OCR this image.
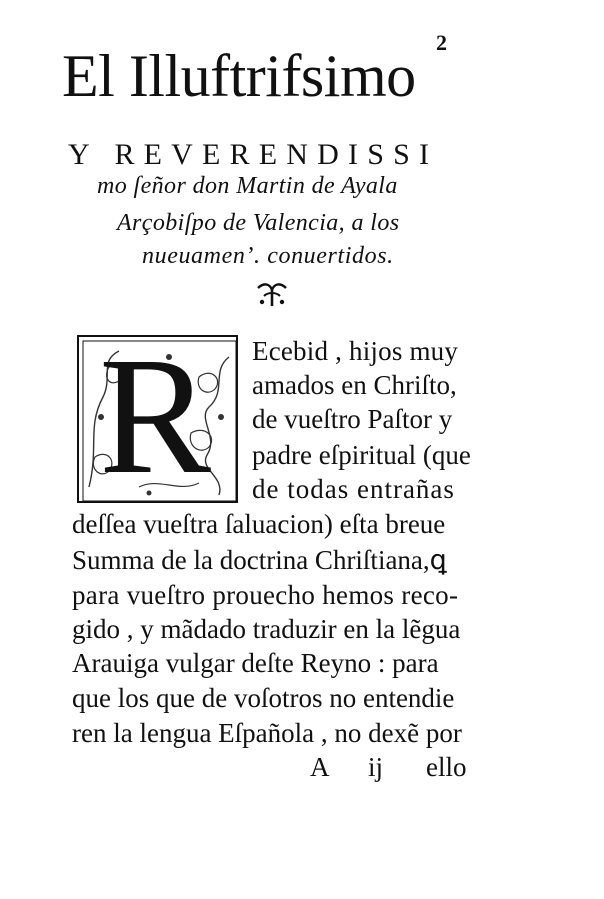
2
El Illuftrifsimo
Y REVERENDISSI
mo ſeñor don Martin de Ayala
Arçobiſpo de Valencia, a los
nueuamen’. conuertidos.
R Ecebid , hijos muy
amados en Chriſto,
de vueſtro Paſtor y
padre eſpiritual (que
de todas entrañas
deſſea vueſtra ſaluacion) eſta breue
Summa de la doctrina Chriſtiana,ꝗ
para vueſtro prouecho hemos reco-
gido , y mãdado traduzir en la lẽgua
Arauiga vulgar deſte Reyno : para
que los que de voſotros no entendie
ren la lengua Eſpañola , no dexẽ por
A ij ello
